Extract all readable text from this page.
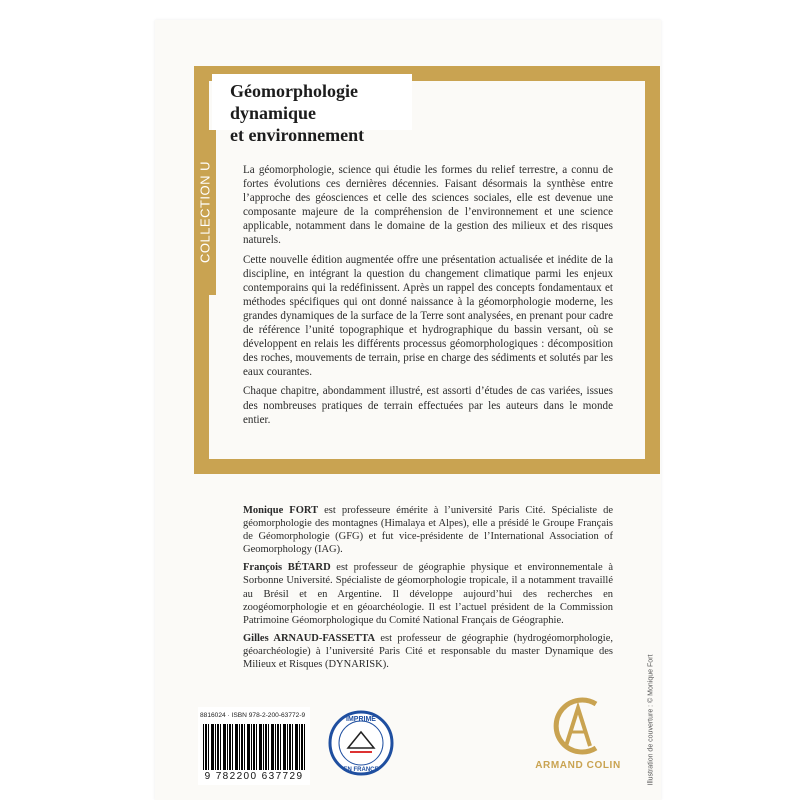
Géomorphologie dynamique
et environnement
COLLECTION U	La géomorphologie, science qui étudie les formes du relief terrestre, a connu de fortes évolutions ces dernières décennies. Faisant désormais la synthèse entre l’approche des géosciences et celle des sciences sociales, elle est devenue une composante majeure de la compréhension de l’environnement et une science applicable, notamment dans le domaine de la gestion des milieux et des risques naturels.

Cette nouvelle édition augmentée offre une présentation actualisée et inédite de la discipline, en intégrant la question du changement climatique parmi les enjeux contemporains qui la redéfinissent. Après un rappel des concepts fondamentaux et méthodes spécifiques qui ont donné naissance à la géomorphologie moderne, les grandes dynamiques de la surface de la Terre sont analysées, en prenant pour cadre de référence l’unité topographique et hydrographique du bassin versant, où se développent en relais les différents processus géomorphologiques : décomposition des roches, mouvements de terrain, prise en charge des sédiments et solutés par les eaux courantes.

Chaque chapitre, abondamment illustré, est assorti d’études de cas variées, issues des nombreuses pratiques de terrain effectuées par les auteurs dans le monde entier.

Monique FORT est professeure émérite à l’université Paris Cité. Spécialiste de géomorphologie des montagnes (Himalaya et Alpes), elle a présidé le Groupe Français de Géomorphologie (GFG) et fut vice-présidente de l’International Association of Geomorphology (IAG).

François BÉTARD est professeur de géographie physique et environnementale à Sorbonne Université. Spécialiste de géomorphologie tropicale, il a notamment travaillé au Brésil et en Argentine. Il développe aujourd’hui des recherches en zoogéomorphologie et en géoarchéologie. Il est l’actuel président de la Commission Patrimoine Géomorphologique du Comité National Français de Géographie.

Gilles ARNAUD-FASSETTA est professeur de géographie (hydrogéomorphologie, géoarchéologie) à l’université Paris Cité et responsable du master Dynamique des Milieux et Risques (DYNARISK).	Illustration de couverture : © Monique Fort
8816024 · ISBN 978-2-200-63772-9
9 782200 637729
IMPRIMÉ
EN FRANCE	ARMAND COLIN
